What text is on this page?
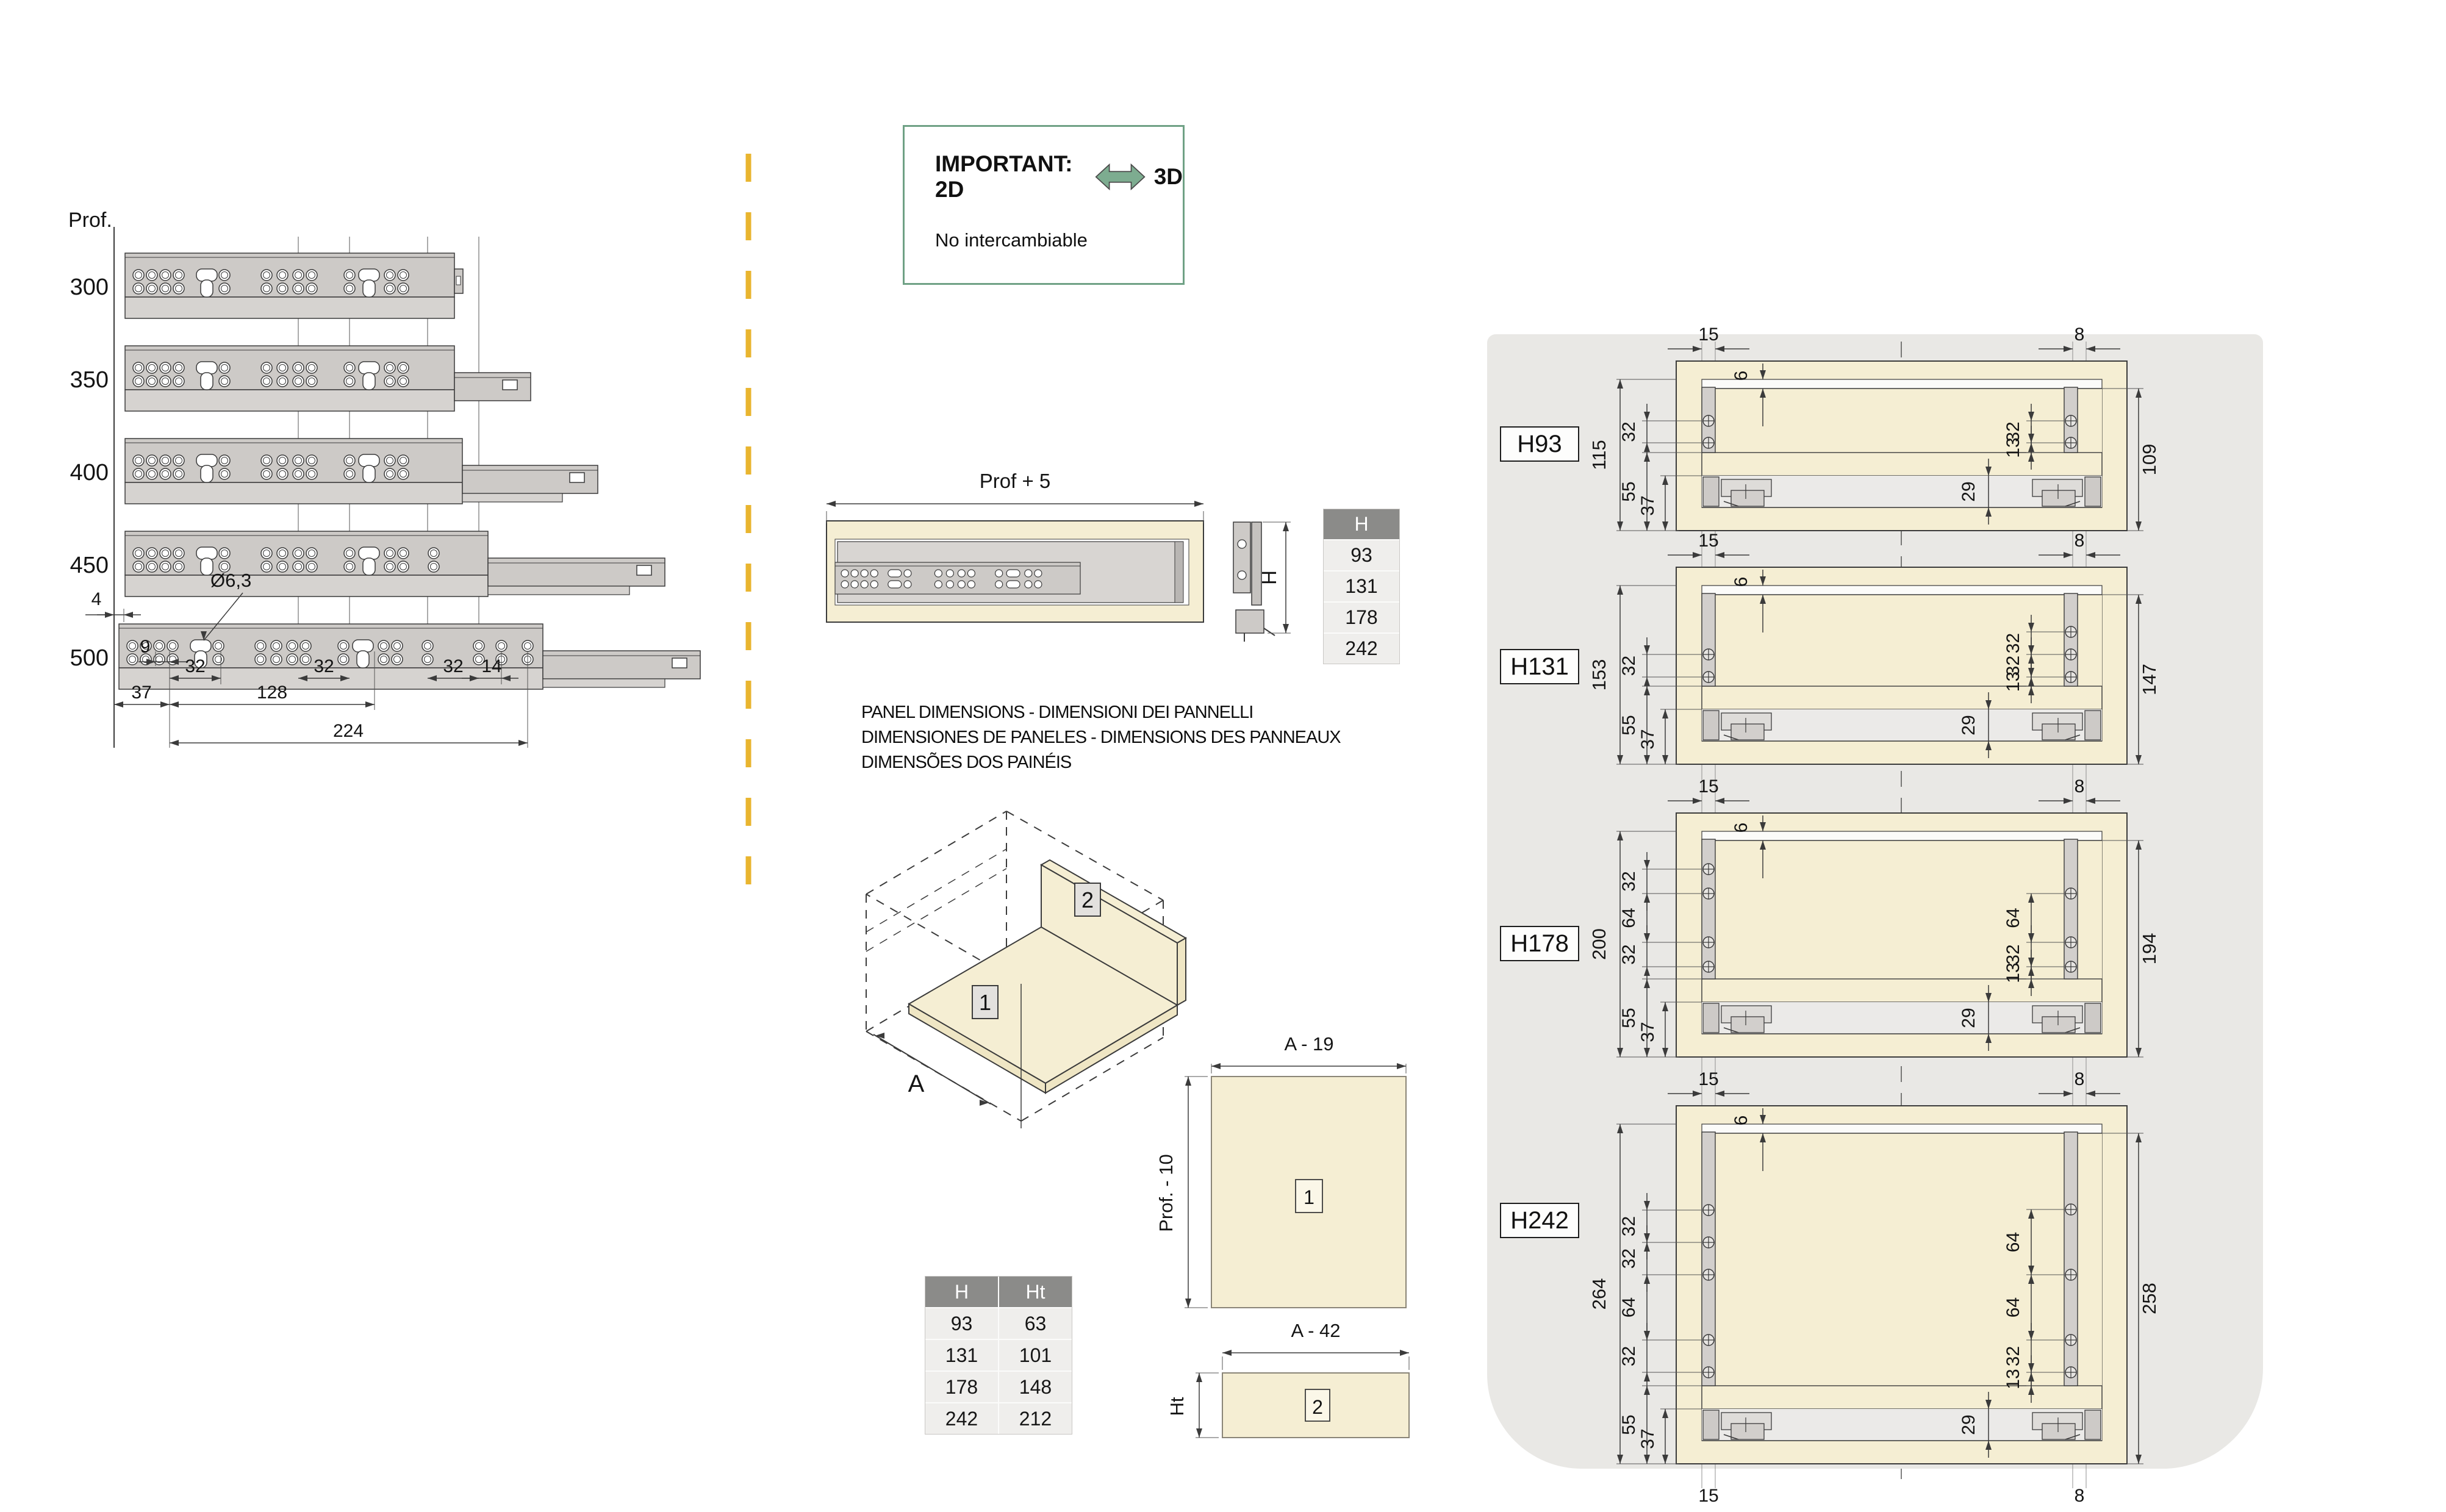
Prof.
300
350
400
450
500 9
32	32	32 14
37	128
224
4
Ø6,3
Prof + 5
H
1
2
A
A - 19
Prof. - 10	1
A - 42
Ht	2
15	8
6
115
32
55
37
32
13	109
29
15	8
6
153 32
55
37
32
32
13	147
29
15	8
6
200
32
64
32
55
37
64
32
13
194
29
15	8
6
264
32
32
64
32
55
37
64
64
32
13
258
29
15	8
IMPORTANT: 2D
3D
No intercambiable
PANEL DIMENSIONS - DIMENSIONI DEI PANNELLI
DIMENSIONES DE PANELES - DIMENSIONS DES PANNEAUX
DIMENSÕES DOS PAINÉIS
H
93
131
178
242
H	Ht
93	63
131	101
178	148
242	212
H93
H131
H178
H242
